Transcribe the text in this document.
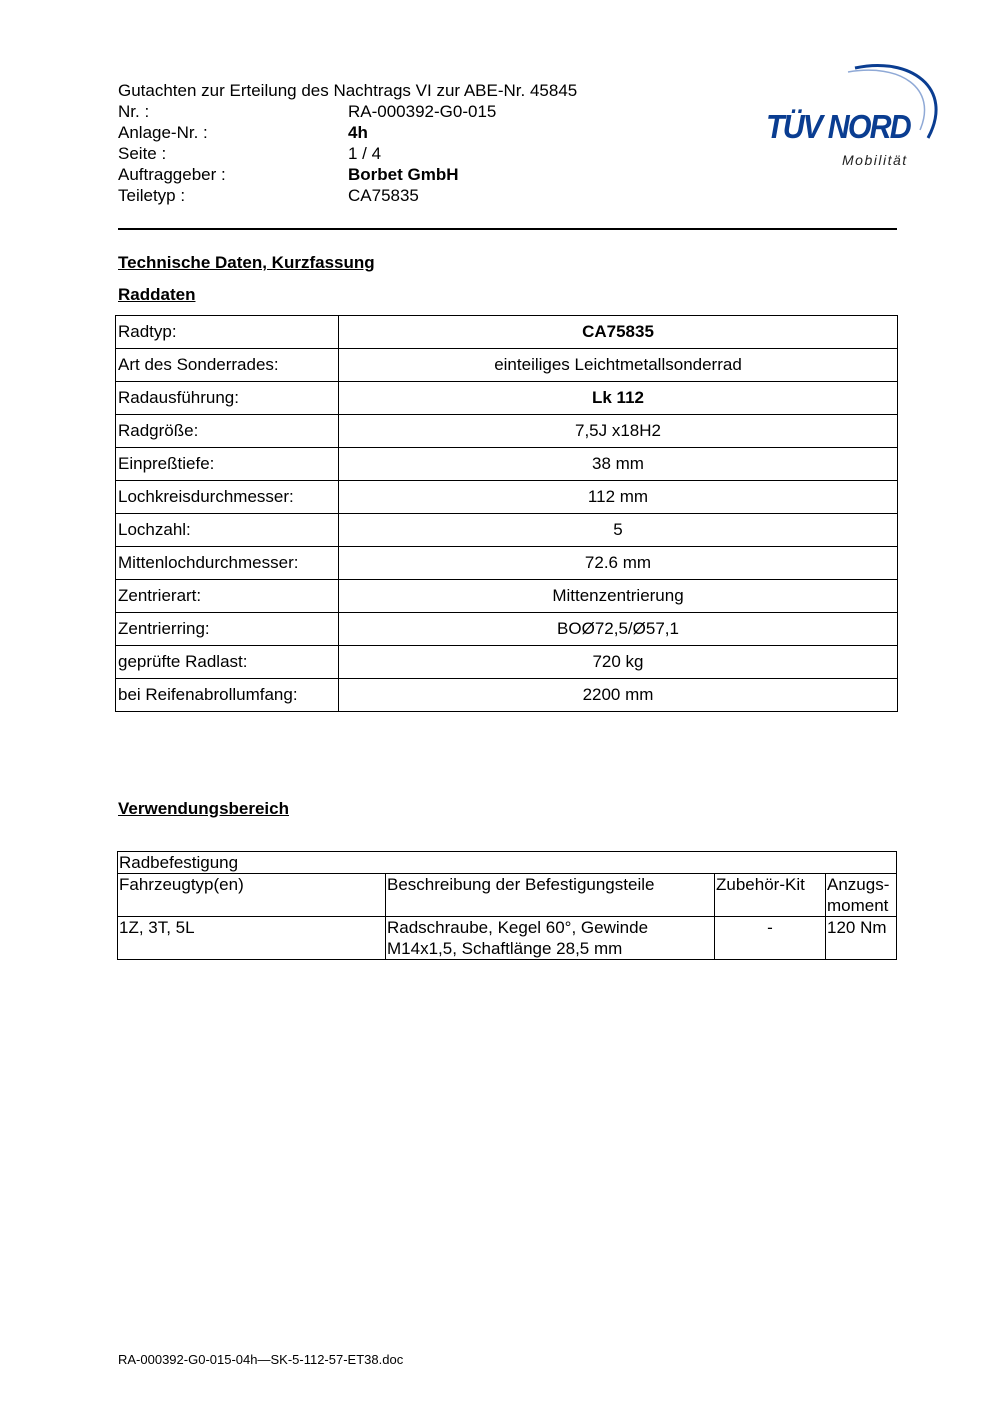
Gutachten zur Erteilung des Nachtrags VI zur ABE-Nr. 45845
Nr. :	RA-000392-G0-015
Anlage-Nr. :	4h
Seite :	1 / 4
Auftraggeber :	Borbet GmbH
Teiletyp :	CA75835
TÜV NORD
Mobilität
Technische Daten, Kurzfassung
Raddaten
Radtyp:	CA75835
Art des Sonderrades:	einteiliges Leichtmetallsonderrad
Radausführung:	Lk 112
Radgröße:	7,5J x18H2
Einpreßtiefe:	38 mm
Lochkreisdurchmesser:	112 mm
Lochzahl:	5
Mittenlochdurchmesser:	72.6 mm
Zentrierart:	Mittenzentrierung
Zentrierring:	BOØ72,5/Ø57,1
geprüfte Radlast:	720 kg
bei Reifenabrollumfang:	2200 mm
Verwendungsbereich
Radbefestigung			
Fahrzeugtyp(en)	Beschreibung der Befestigungsteile	Zubehör-Kit	Anzugs-
moment
1Z, 3T, 5L	Radschraube, Kegel 60°, Gewinde
M14x1,5, Schaftlänge 28,5 mm	-	120 Nm
RA-000392-G0-015-04h—SK-5-112-57-ET38.doc
